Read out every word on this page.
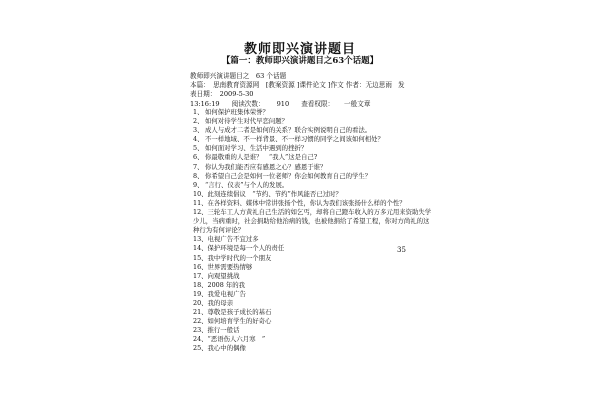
教师即兴演讲题目
【篇一：教师即兴演讲题目之63个话题】
教师即兴演讲题目之　63 个话题
本篇：　思南教育资源网　[教案资源 ]课件论文 ]作文 作者：无边思雨 发
表日期：　2009-5-30
13:16:19 阅读次数： 910 查看权限：　　一般文章
1、 如何保护班集体荣誉？
2、 如何对待学生对代早恋问题？
3、 成人与成才二者是如何的关系？联合实例说明自己的看法。
4、 不一样地域、不一样背景、不一样习惯的同学之间该如何相处？
5、 如何面对学习、生活中遇到的挫折？
6、 你最敬重的人是谁？　“我人”这是自己?
7、 你认为我们能否应有感恩之心？感恩于谁？
8、 你希望自己会是如何一位老师？你会如何教育自己的学生？
9、 “言行、仪表”与个人的发展。
10、此刻连续倡议　“节约、节约”作风能否已过时？
11、在各样资料、媒体中常讲张扬个性，你认为我们该张扬什么样的个性？
12、三轮车工人方黄礼自己生活的如乞丐，却将自己蹬车收入的万多元用来资助失学少儿，当病重时，社会捐助给他治病的钱，也被他捐给了希望工程，你对方尚礼的这种行为有何评论？
13、电视广告不宜过多
14、保护环境是每一个人的责任
15、我中学时代的一个朋友
16、世界需要热情够
17、向观望挑战
18、2008 年的我
19、我爱电视广告
20、我的母亲
21、尊敬是孩子成长的基石
22、如何培育学生的好奇心
23、推行一般话
24、“恶语伤人六月寒　”
25、我心中的偶像
35
